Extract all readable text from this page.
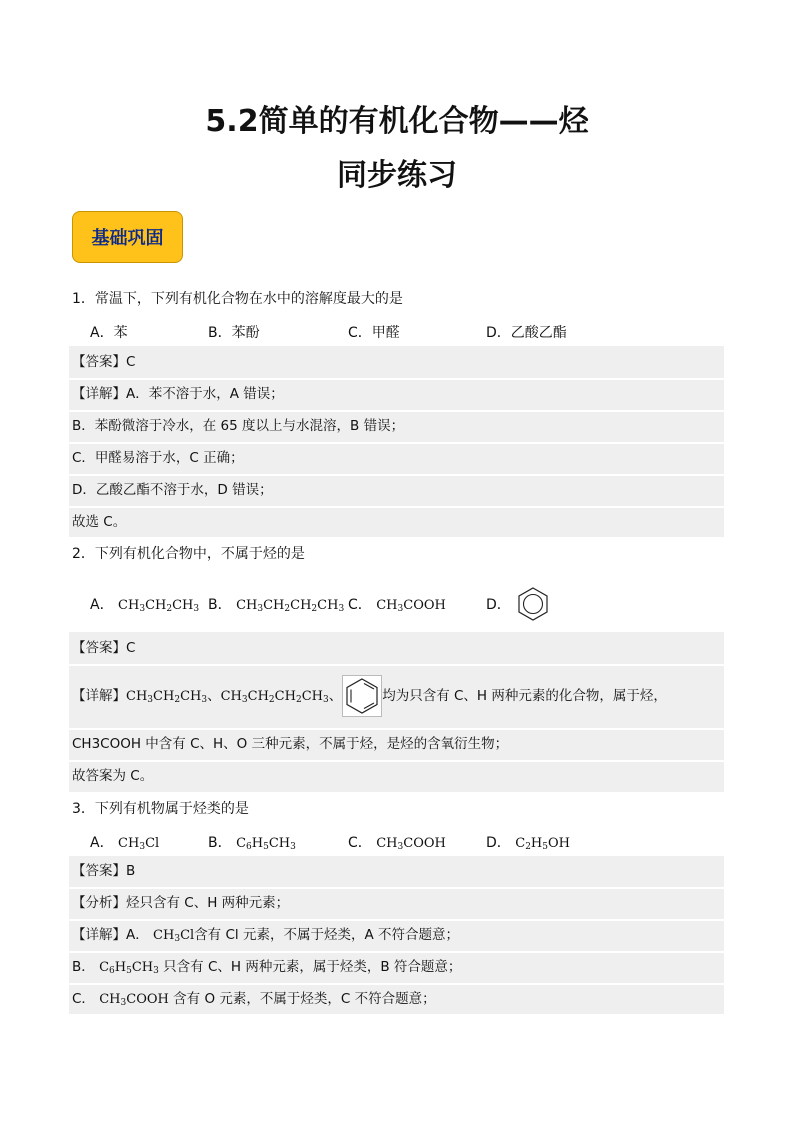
5.2简单的有机化合物——烃
同步练习
基础巩固
1．常温下，下列有机化合物在水中的溶解度最大的是
A．苯	B．苯酚	C．甲醛	D．乙酸乙酯
【答案】C
【详解】A．苯不溶于水，A 错误；
B．苯酚微溶于冷水，在 65 度以上与水混溶，B 错误；
C．甲醛易溶于水，C 正确；
D．乙酸乙酯不溶于水，D 错误；
故选 C。
2．下列有机化合物中，不属于烃的是
A． $CH_3CH_2CH_3$ B． $CH_3CH_2CH_2CH_3$ C． $CH_3COOH$	D．
【答案】C
【详解】$CH_3CH_2CH_3$、$CH_3CH_2CH_2CH_3$、	均为只含有 C、H 两种元素的化合物，属于烃，
CH3COOH 中含有 C、H、O 三种元素，不属于烃，是烃的含氧衍生物；
故答案为 C。
3．下列有机物属于烃类的是
A． $CH_3Cl$	B． $C_6H_5CH_3$	C． $CH_3COOH$	D． $C_2H_5OH$
【答案】B
【分析】烃只含有 C、H 两种元素；
【详解】A． $CH_3Cl$含有 Cl 元素，不属于烃类，A 不符合题意；
B． $C_6H_5CH_3$ 只含有 C、H 两种元素，属于烃类，B 符合题意；
C． $CH_3COOH$ 含有 O 元素，不属于烃类，C 不符合题意；
